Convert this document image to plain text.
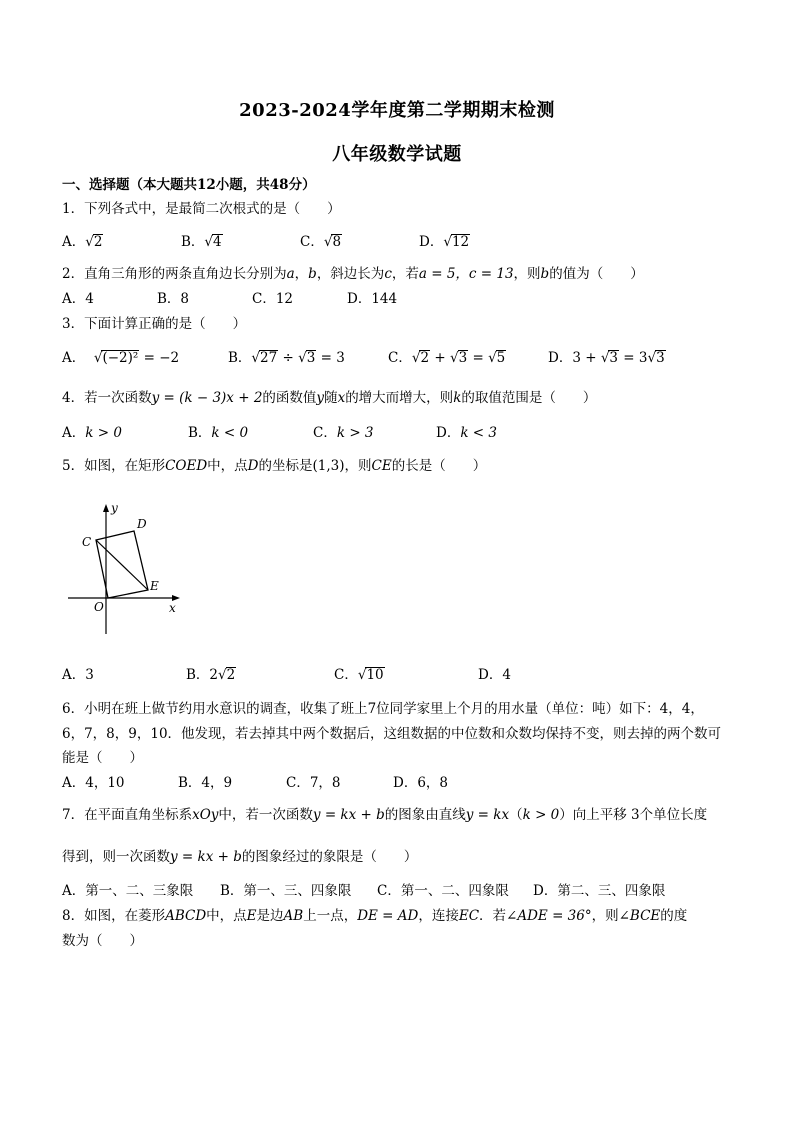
2023-2024学年度第二学期期末检测
八年级数学试题
一、选择题（本大题共12小题，共48分）
1．下列各式中，是最简二次根式的是（　　）
A．√2	B．√4	C．√8	D．√12
2．直角三角形的两条直角边长分别为a，b，斜边长为c，若a = 5，c = 13，则b的值为（　　）
A．4	B．8	C．12	D．144
3．下面计算正确的是（　　）
A． √(−2)² = −2	B．√27 ÷ √3 = 3	C．√2 + √3 = √5	D．3 + √3 = 3√3
4．若一次函数y = (k − 3)x + 2的函数值y随x的增大而增大，则k的取值范围是（　　）
A．k > 0	B．k < 0	C．k > 3	D．k < 3
5．如图，在矩形COED中，点D的坐标是(1,3)，则CE的长是（　　）
y
x
C
D
E
O
A．3	B．2√2	C．√10	D．4
6．小明在班上做节约用水意识的调查，收集了班上7位同学家里上个月的用水量（单位：吨）如下：4，4，
6，7，8，9，10．他发现，若去掉其中两个数据后，这组数据的中位数和众数均保持不变，则去掉的两个数可
能是（　　）
A．4，10	B．4，9	C．7，8	D．6，8
7．在平面直角坐标系xOy中，若一次函数y = kx + b的图象由直线y = kx（k > 0）向上平移 3个单位长度
得到，则一次函数y = kx + b的图象经过的象限是（　　）
A．第一、二、三象限 B．第一、三、四象限 C．第一、二、四象限 D．第二、三、四象限
8．如图，在菱形ABCD中，点E是边AB上一点，DE = AD，连接EC．若∠ADE = 36°，则∠BCE的度
数为（　　）
